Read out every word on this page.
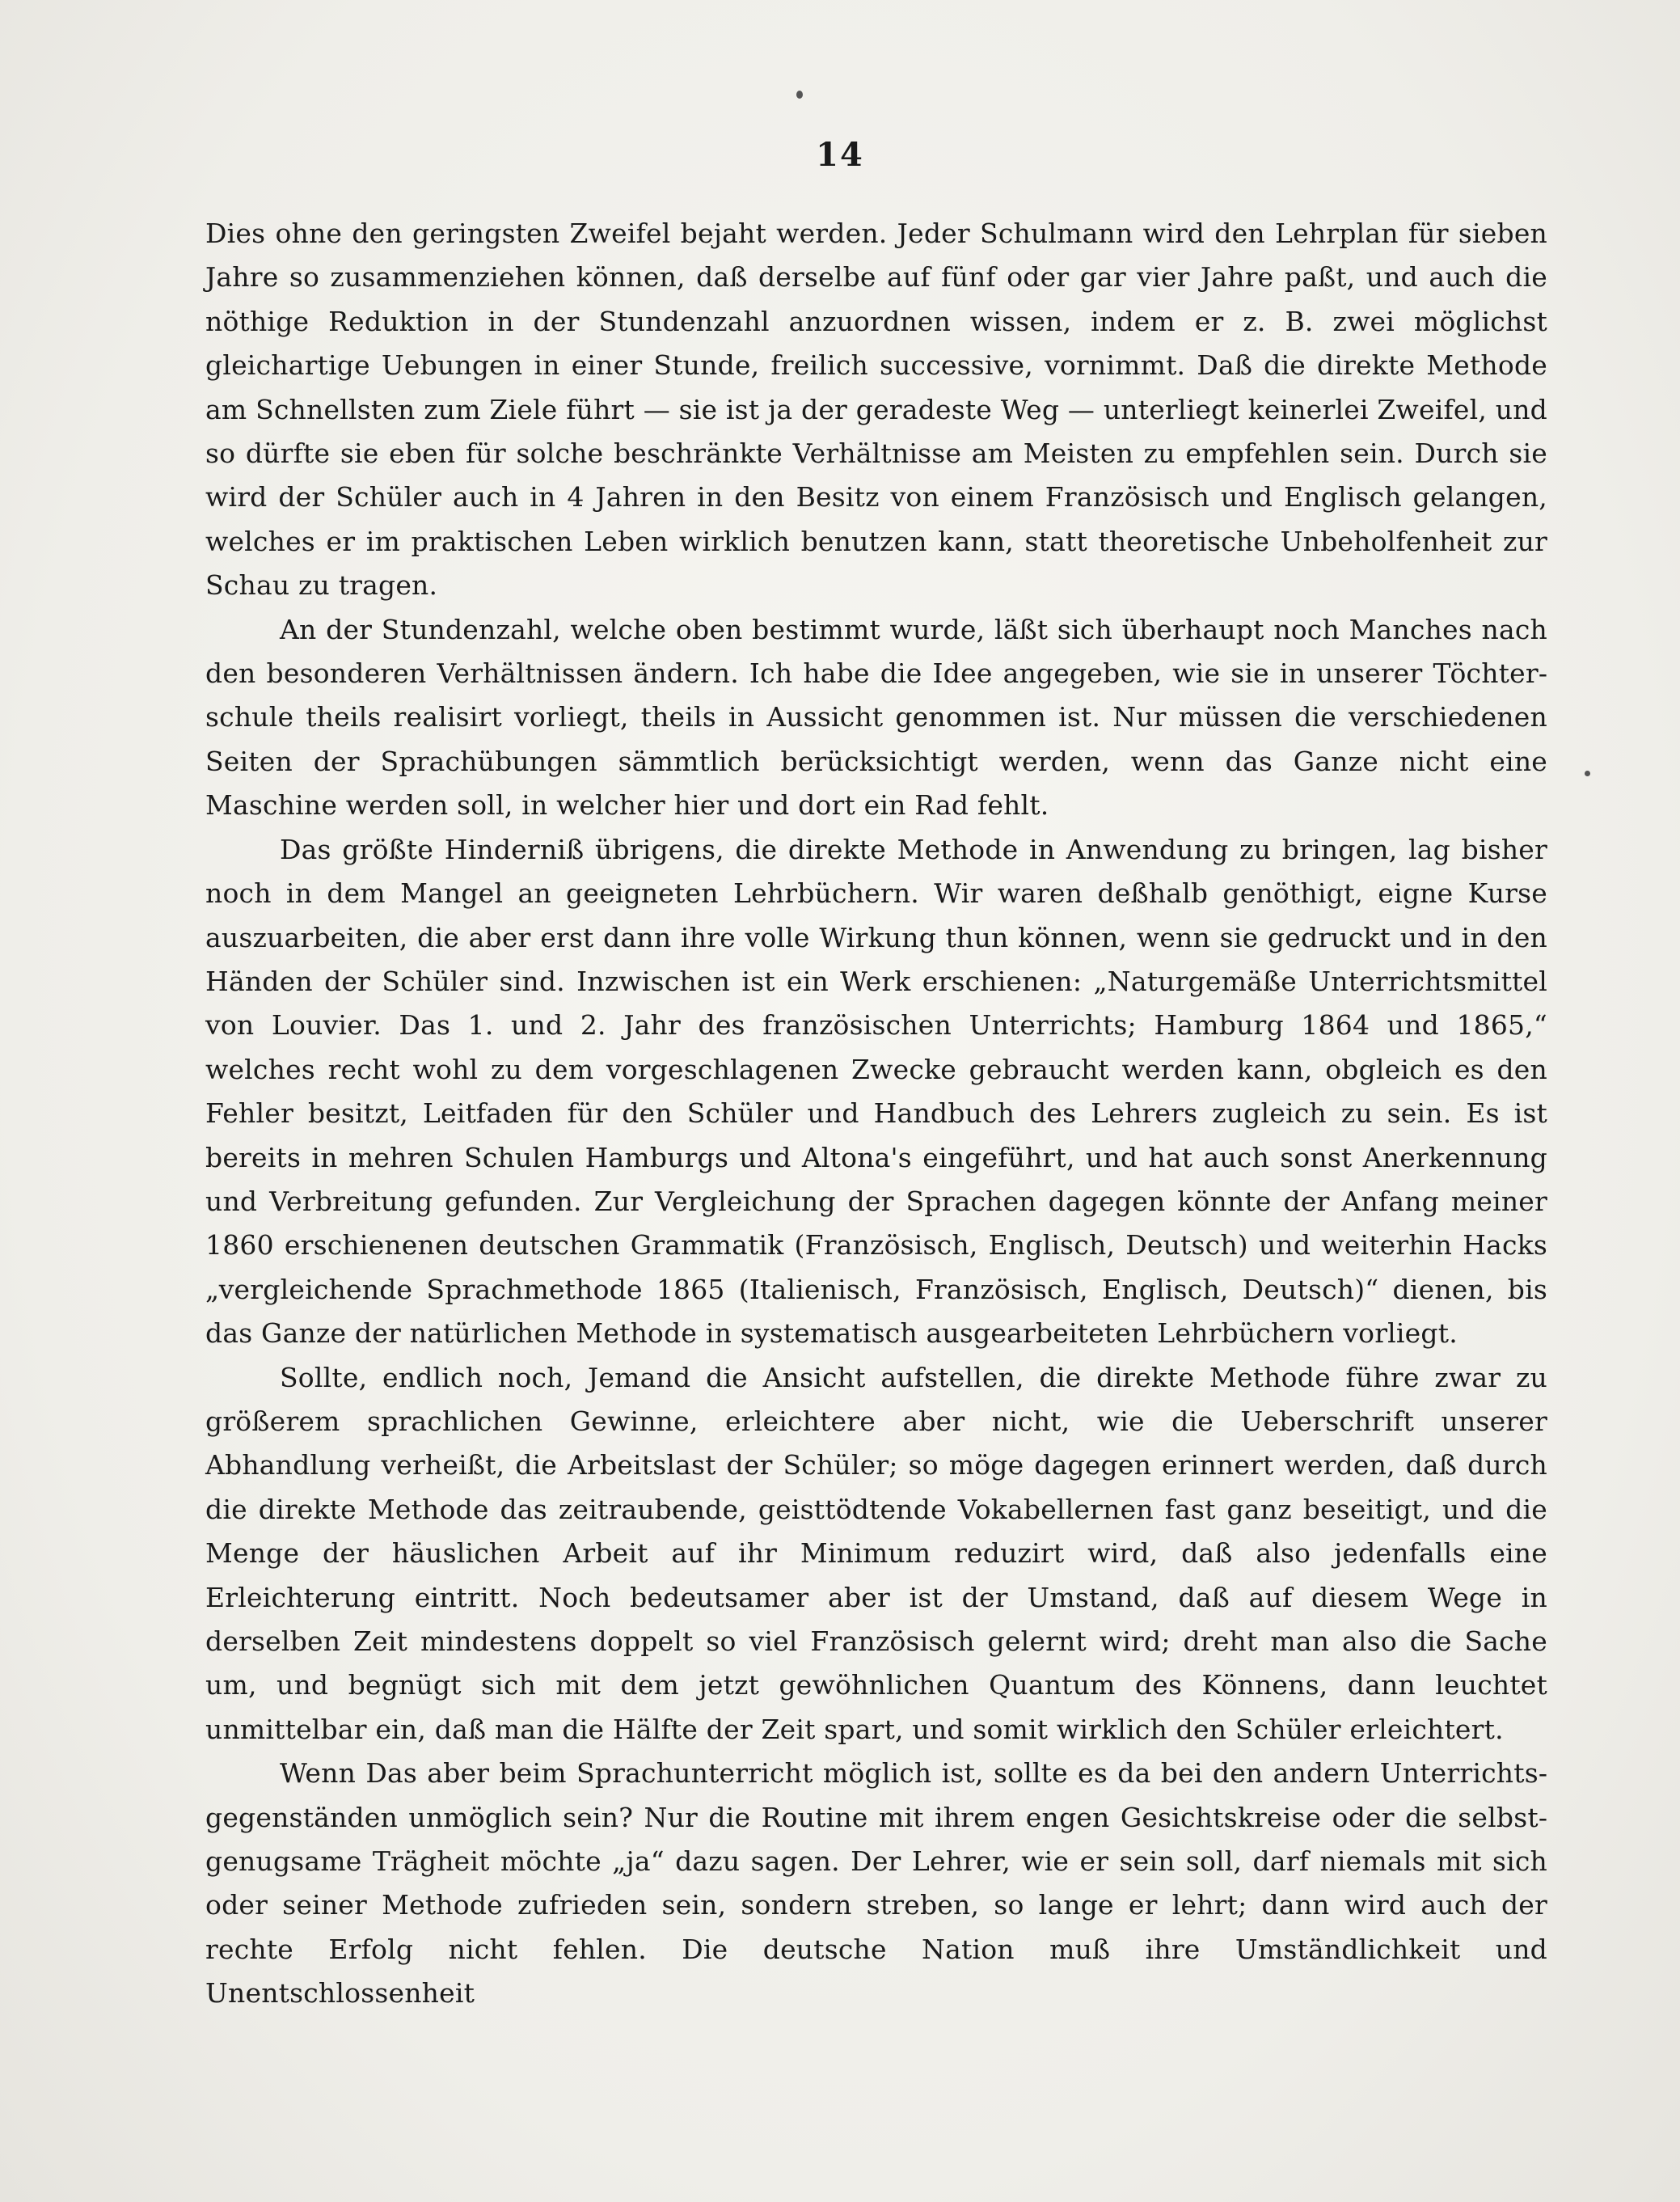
14

Dies ohne den geringsten Zweifel bejaht werden. Jeder Schulmann wird den Lehrplan für sieben Jahre so zusammenziehen können, daß derselbe auf fünf oder gar vier Jahre paßt, und auch die nöthige Reduktion in der Stundenzahl anzuordnen wissen, indem er z. B. zwei möglichst gleichartige Uebungen in einer Stunde, freilich successive, vornimmt. Daß die direkte Methode am Schnellsten zum Ziele führt — sie ist ja der geradeste Weg — unterliegt keinerlei Zweifel, und so dürfte sie eben für solche beschränkte Verhältnisse am Meisten zu empfehlen sein. Durch sie wird der Schüler auch in 4 Jahren in den Besitz von einem Französisch und Englisch gelangen, welches er im praktischen Leben wirklich benutzen kann, statt theoretische Unbeholfenheit zur Schau zu tragen.

An der Stundenzahl, welche oben bestimmt wurde, läßt sich überhaupt noch Manches nach den besonderen Verhältnissen ändern. Ich habe die Idee angegeben, wie sie in unserer Töchterschule theils realisirt vorliegt, theils in Aussicht genommen ist. Nur müssen die verschiedenen Seiten der Sprachübungen sämmtlich berücksichtigt werden, wenn das Ganze nicht eine Maschine werden soll, in welcher hier und dort ein Rad fehlt.

Das größte Hinderniß übrigens, die direkte Methode in Anwendung zu bringen, lag bisher noch in dem Mangel an geeigneten Lehrbüchern. Wir waren deßhalb genöthigt, eigne Kurse auszuarbeiten, die aber erst dann ihre volle Wirkung thun können, wenn sie gedruckt und in den Händen der Schüler sind. Inzwischen ist ein Werk erschienen: „Naturgemäße Unterrichtsmittel von Louvier. Das 1. und 2. Jahr des französischen Unterrichts; Hamburg 1864 und 1865,“ welches recht wohl zu dem vorgeschlagenen Zwecke gebraucht werden kann, obgleich es den Fehler besitzt, Leitfaden für den Schüler und Handbuch des Lehrers zugleich zu sein. Es ist bereits in mehren Schulen Hamburgs und Altona's eingeführt, und hat auch sonst Anerkennung und Verbreitung gefunden. Zur Vergleichung der Sprachen dagegen könnte der Anfang meiner 1860 erschienenen deutschen Grammatik (Französisch, Englisch, Deutsch) und weiterhin Hacks „vergleichende Sprachmethode 1865 (Italienisch, Französisch, Englisch, Deutsch)“ dienen, bis das Ganze der natürlichen Methode in systematisch ausgearbeiteten Lehrbüchern vorliegt.

Sollte, endlich noch, Jemand die Ansicht aufstellen, die direkte Methode führe zwar zu größerem sprachlichen Gewinne, erleichtere aber nicht, wie die Ueberschrift unserer Abhandlung verheißt, die Arbeitslast der Schüler; so möge dagegen erinnert werden, daß durch die direkte Methode das zeitraubende, geisttödtende Vokabellernen fast ganz beseitigt, und die Menge der häuslichen Arbeit auf ihr Minimum reduzirt wird, daß also jedenfalls eine Erleichterung eintritt. Noch bedeutsamer aber ist der Umstand, daß auf diesem Wege in derselben Zeit mindestens doppelt so viel Französisch gelernt wird; dreht man also die Sache um, und begnügt sich mit dem jetzt gewöhnlichen Quantum des Könnens, dann leuchtet unmittelbar ein, daß man die Hälfte der Zeit spart, und somit wirklich den Schüler erleichtert.

Wenn Das aber beim Sprachunterricht möglich ist, sollte es da bei den andern Unterrichtsgegenständen unmöglich sein? Nur die Routine mit ihrem engen Gesichtskreise oder die selbstgenugsame Trägheit möchte „ja“ dazu sagen. Der Lehrer, wie er sein soll, darf niemals mit sich oder seiner Methode zufrieden sein, sondern streben, so lange er lehrt; dann wird auch der rechte Erfolg nicht fehlen. Die deutsche Nation muß ihre Umständlichkeit und Unentschlossenheit
